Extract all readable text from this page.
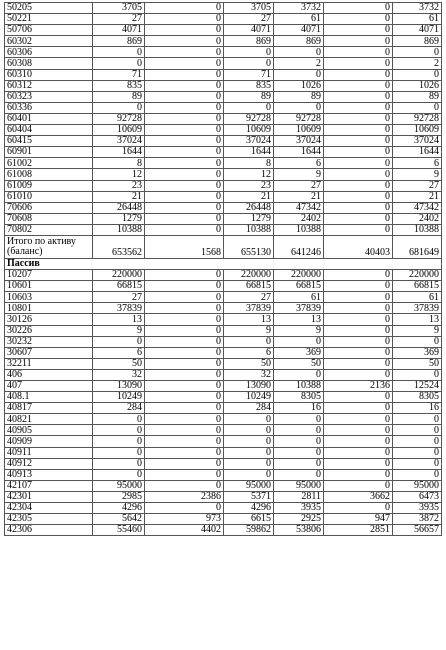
50205	3705	0	3705	3732	0	3732
50221	27	0	27	61	0	61
50706	4071	0	4071	4071	0	4071
60302	869	0	869	869	0	869
60306	0	0	0	0	0	0
60308	0	0	0	2	0	2
60310	71	0	71	0	0	0
60312	835	0	835	1026	0	1026
60323	89	0	89	89	0	89
60336	0	0	0	0	0	0
60401	92728	0	92728	92728	0	92728
60404	10609	0	10609	10609	0	10609
60415	37024	0	37024	37024	0	37024
60901	1644	0	1644	1644	0	1644
61002	8	0	8	6	0	6
61008	12	0	12	9	0	9
61009	23	0	23	27	0	27
61010	21	0	21	21	0	21
70606	26448	0	26448	47342	0	47342
70608	1279	0	1279	2402	0	2402
70802	10388	0	10388	10388	0	10388
Итого по активу (баланс)	653562	1568	655130	641246	40403	681649
Пассив						
10207	220000	0	220000	220000	0	220000
10601	66815	0	66815	66815	0	66815
10603	27	0	27	61	0	61
10801	37839	0	37839	37839	0	37839
30126	13	0	13	13	0	13
30226	9	0	9	9	0	9
30232	0	0	0	0	0	0
30607	6	0	6	369	0	369
32211	50	0	50	50	0	50
406	32	0	32	0	0	0
407	13090	0	13090	10388	2136	12524
408.1	10249	0	10249	8305	0	8305
40817	284	0	284	16	0	16
40821	0	0	0	0	0	0
40905	0	0	0	0	0	0
40909	0	0	0	0	0	0
40911	0	0	0	0	0	0
40912	0	0	0	0	0	0
40913	0	0	0	0	0	0
42107	95000	0	95000	95000	0	95000
42301	2985	2386	5371	2811	3662	6473
42304	4296	0	4296	3935	0	3935
42305	5642	973	6615	2925	947	3872
42306	55460	4402	59862	53806	2851	56657
